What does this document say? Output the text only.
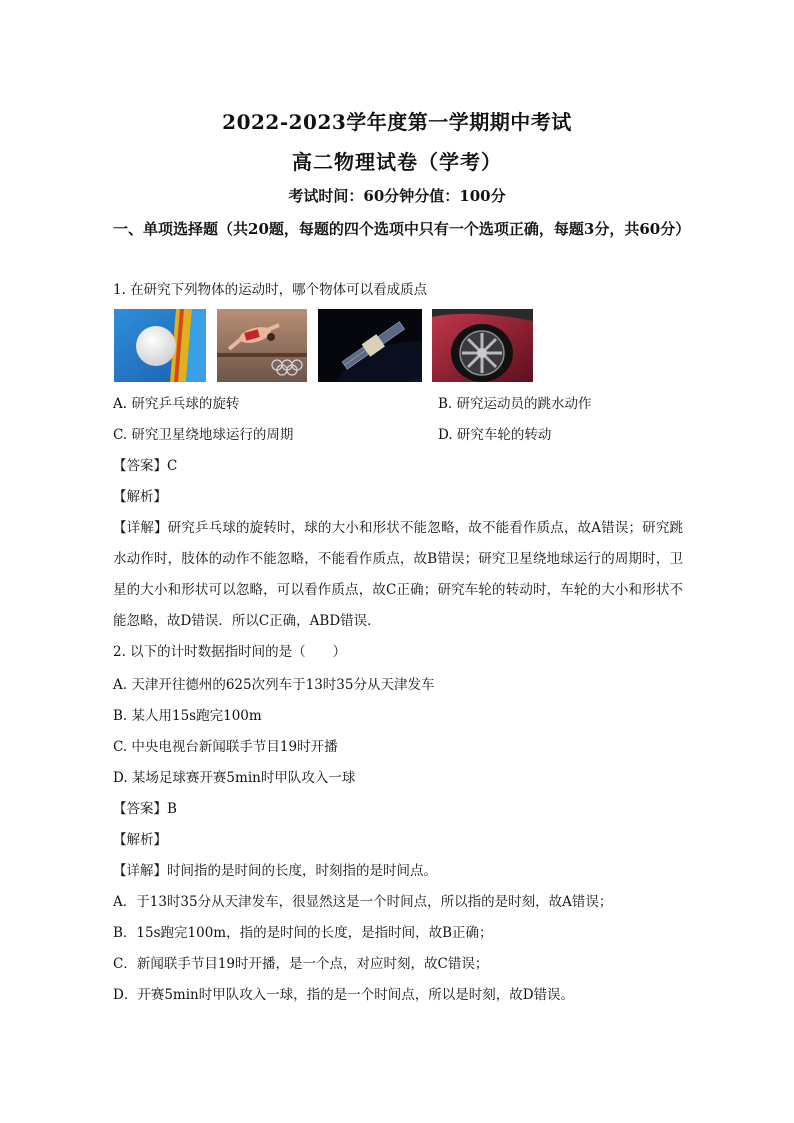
2022-2023学年度第一学期期中考试
高二物理试卷（学考）
考试时间：60分钟分值：100分
一、单项选择题（共20题，每题的四个选项中只有一个选项正确，每题3分，共60分）
1. 在研究下列物体的运动时，哪个物体可以看成质点
A. 研究乒乓球的旋转	B. 研究运动员的跳水动作
C. 研究卫星绕地球运行的周期	D. 研究车轮的转动
【答案】C
【解析】
【详解】研究乒乓球的旋转时，球的大小和形状不能忽略，故不能看作质点，故A错误；研究跳水动作时，肢体的动作不能忽略，不能看作质点，故B错误；研究卫星绕地球运行的周期时，卫星的大小和形状可以忽略，可以看作质点，故C正确；研究车轮的转动时，车轮的大小和形状不能忽略，故D错误．所以C正确，ABD错误．
2. 以下的计时数据指时间的是（　　）
A. 天津开往德州的625次列车于13时35分从天津发车
B. 某人用15s跑完100m
C. 中央电视台新闻联手节目19时开播
D. 某场足球赛开赛5min时甲队攻入一球
【答案】B
【解析】
【详解】时间指的是时间的长度，时刻指的是时间点。
A．于13时35分从天津发车，很显然这是一个时间点，所以指的是时刻，故A错误；
B．15s跑完100m，指的是时间的长度，是指时间，故B正确；
C．新闻联手节目19时开播，是一个点，对应时刻，故C错误；
D．开赛5min时甲队攻入一球，指的是一个时间点，所以是时刻，故D错误。
